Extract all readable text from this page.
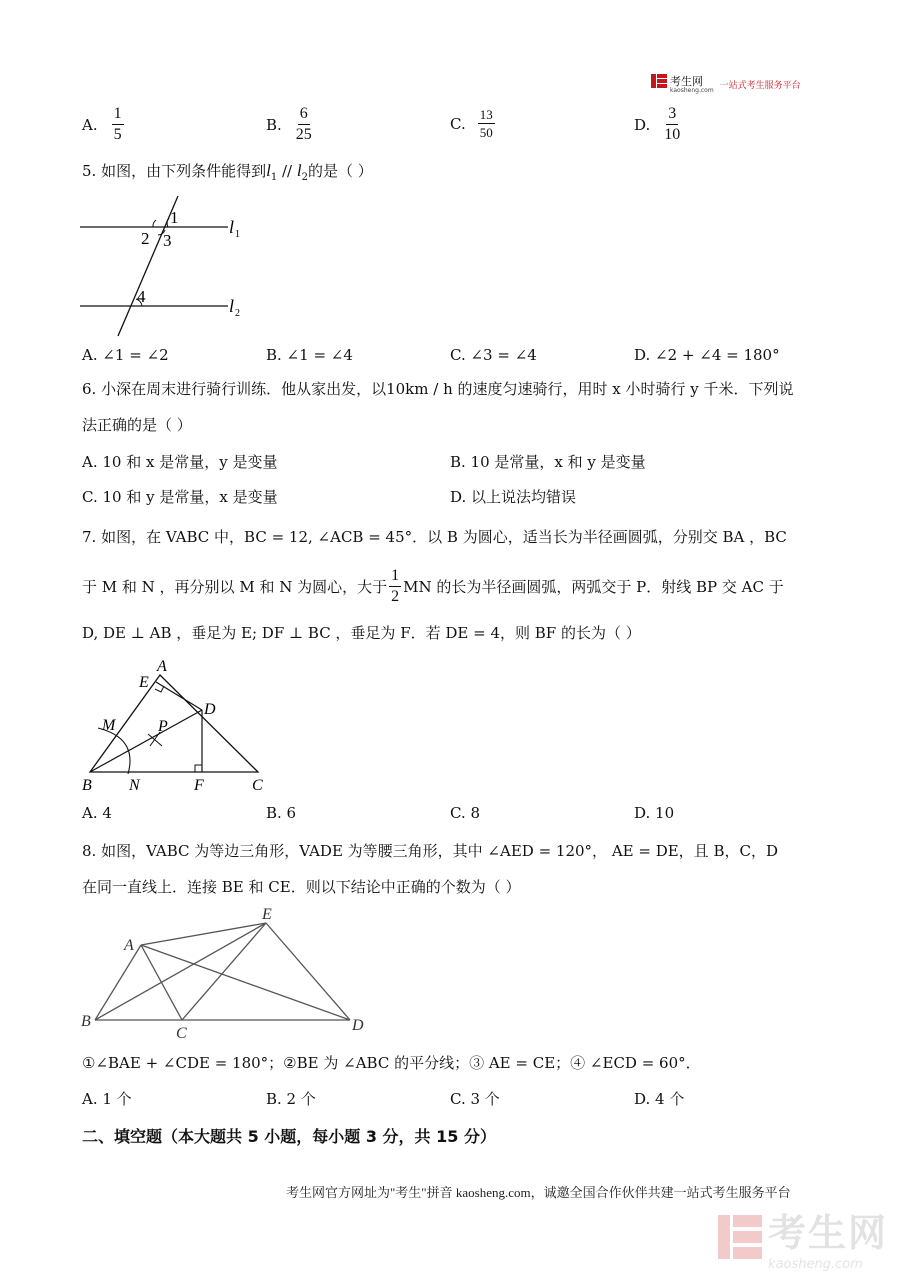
考生网
kaosheng.com 一站式考生服务平台
A. $\frac{1}{5}$	B. $\frac{6}{25}$	C. $\frac{13}{50}$	D. $\frac{3}{10}$
5. 如图，由下列条件能得到$l_1 // l_2$的是（ ）
1
2 3
4
l 1
l 2
A. ∠1 = ∠2	B. ∠1 = ∠4	C. ∠3 = ∠4	D. ∠2 + ∠4 = 180°
6. 小深在周末进行骑行训练．他从家出发，以10km / h 的速度匀速骑行，用时 x 小时骑行 y 千米．下列说
法正确的是（ ）
A. 10 和 x 是常量，y 是变量	B. 10 是常量，x 和 y 是变量
C. 10 和 y 是常量，x 是变量	D. 以上说法均错误
7. 如图，在 VABC 中，BC = 12, ∠ACB = 45°．以 B 为圆心，适当长为半径画圆弧，分别交 BA ，BC
于 M 和 N ，再分别以 M 和 N 为圆心，大于 $\frac{1}{2}$ MN 的长为半径画圆弧，两弧交于 P．射线 BP 交 AC 于
D, DE ⊥ AB ，垂足为 E; DF ⊥ BC ，垂足为 F．若 DE = 4，则 BF 的长为（ ）
A
E
D
M	P
B N	F	C
A. 4	B. 6	C. 8	D. 10
8. 如图，VABC 为等边三角形，VADE 为等腰三角形，其中 ∠AED = 120°， AE = DE，且 B，C，D
在同一直线上．连接 BE 和 CE．则以下结论中正确的个数为（ ）
A
B
C	D
E
①∠BAE + ∠CDE = 180°；②BE 为 ∠ABC 的平分线；③ AE = CE；④ ∠ECD = 60°．
A. 1 个	B. 2 个	C. 3 个	D. 4 个
二、填空题（本大题共 5 小题，每小题 3 分，共 15 分）
考生网官方网址为"考生"拼音 kaosheng.com，诚邀全国合作伙伴共建一站式考生服务平台
考生网
kaosheng.com
